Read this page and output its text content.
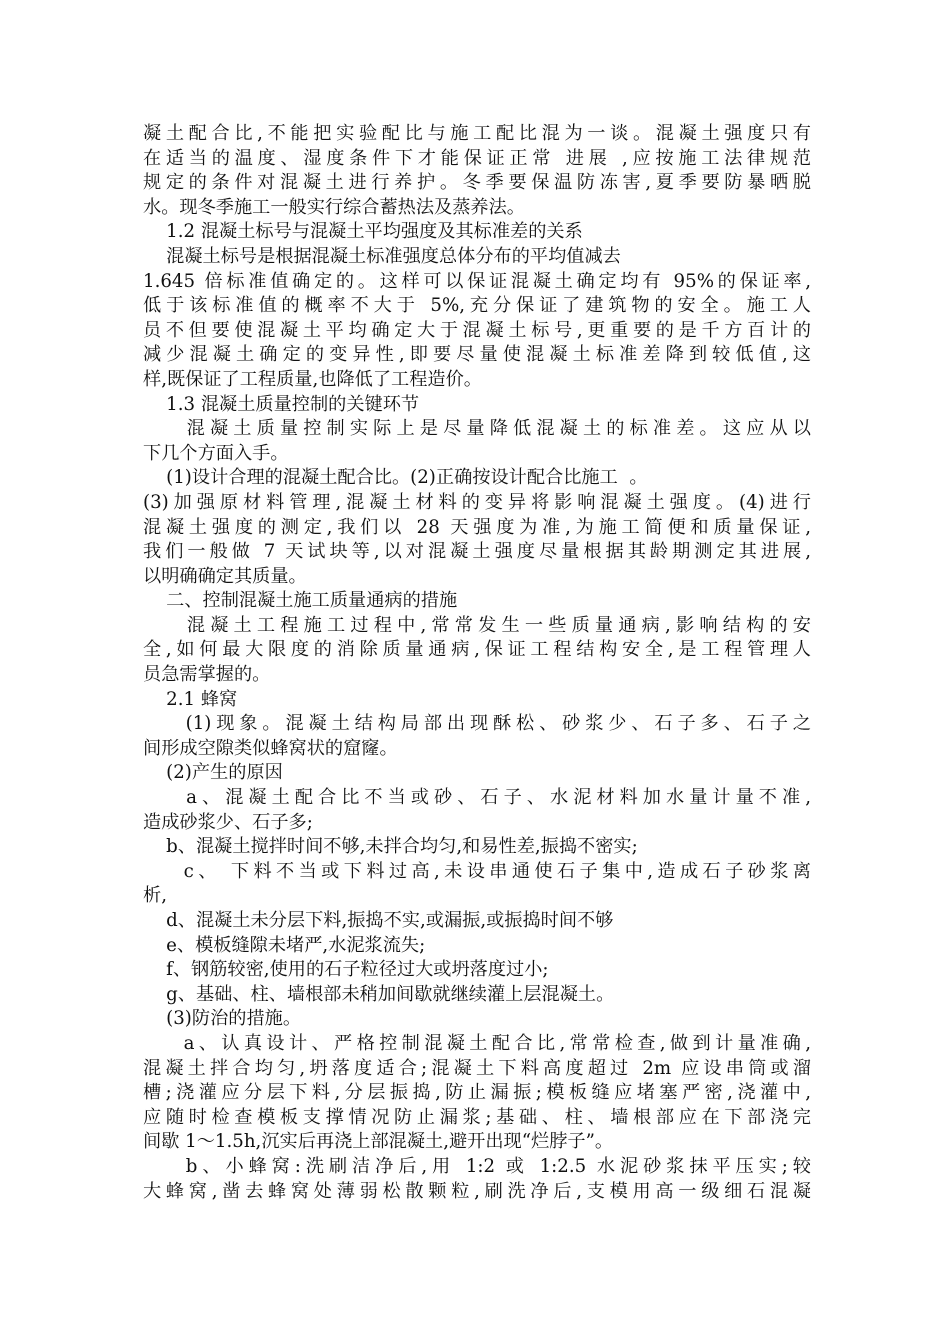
凝土配合比,不能把实验配比与施工配比混为一谈。混凝土强度只有
在适当的温度、湿度条件下才能保证正常 进展 ,应按施工法律规范
规定的条件对混凝土进行养护。冬季要保温防冻害,夏季要防暴晒脱
水。现冬季施工一般实行综合蓄热法及蒸养法。
1.2 混凝土标号与混凝土平均强度及其标准差的关系
混凝土标号是根据混凝土标准强度总体分布的平均值减去
1.645 倍标准值确定的。这样可以保证混凝土确定均有 95%的保证率,
低于该标准值的概率不大于 5%,充分保证了建筑物的安全。施工人
员不但要使混凝土平均确定大于混凝土标号,更重要的是千方百计的
减少混凝土确定的变异性,即要尽量使混凝土标准差降到较低值,这
样,既保证了工程质量,也降低了工程造价。
1.3 混凝土质量控制的关键环节
混凝土质量控制实际上是尽量降低混凝土的标准差。这应从以
下几个方面入手。
(1)设计合理的混凝土配合比。(2)正确按设计配合比施工  。
(3)加强原材料管理,混凝土材料的变异将影响混凝土强度。(4)进行
混凝土强度的测定,我们以 28 天强度为准,为施工简便和质量保证,
我们一般做 7 天试块等,以对混凝土强度尽量根据其龄期测定其进展,
以明确确定其质量。
二、控制混凝土施工质量通病的措施
混凝土工程施工过程中,常常发生一些质量通病,影响结构的安
全,如何最大限度的消除质量通病,保证工程结构安全,是工程管理人
员急需掌握的。
2.1 蜂窝
(1)现象。混凝土结构局部出现酥松、砂浆少、石子多、石子之
间形成空隙类似蜂窝状的窟窿。
(2)产生的原因
a、混凝土配合比不当或砂、石子、水泥材料加水量计量不准,
造成砂浆少、石子多;
b、混凝土搅拌时间不够,未拌合均匀,和易性差,振捣不密实;
c、 下料不当或下料过高,未设串通使石子集中,造成石子砂浆离
析,
d、混凝土未分层下料,振捣不实,或漏振,或振捣时间不够
e、模板缝隙未堵严,水泥浆流失;
f、钢筋较密,使用的石子粒径过大或坍落度过小;
g、基础、柱、墙根部未稍加间歇就继续灌上层混凝土。
(3)防治的措施。
a、认真设计、严格控制混凝土配合比,常常检查,做到计量准确,
混凝土拌合均匀,坍落度适合;混凝土下料高度超过 2m 应设串筒或溜
槽;浇灌应分层下料,分层振捣,防止漏振;模板缝应堵塞严密,浇灌中,
应随时检查模板支撑情况防止漏浆;基础、柱、墙根部应在下部浇完
间歇 1～1.5h,沉实后再浇上部混凝土,避开出现“烂脖子”。
b、小蜂窝:洗刷洁净后,用 1:2 或 1:2.5 水泥砂浆抹平压实;较
大蜂窝,凿去蜂窝处薄弱松散颗粒,刷洗净后,支模用高一级细石混凝
